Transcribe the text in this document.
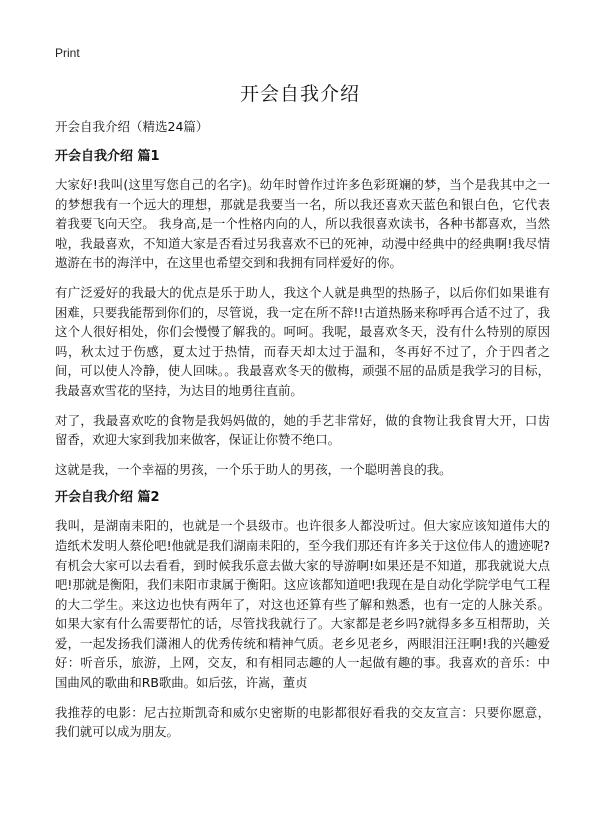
Print
开会自我介绍
开会自我介绍（精选24篇）
开会自我介绍 篇1

大家好!我叫(这里写您自己的名字)。幼年时曾作过许多色彩斑斓的梦，当个是我其中之一的梦想我有一个远大的理想，那就是我要当一名，所以我还喜欢天蓝色和银白色，它代表着我要飞向天空。 我身高,是一个性格内向的人，所以我很喜欢读书，各种书都喜欢，当然啦，我最喜欢，不知道大家是否看过另我喜欢不已的死神，动漫中经典中的经典啊!我尽情遨游在书的海洋中，在这里也希望交到和我拥有同样爱好的你。

有广泛爱好的我最大的优点是乐于助人，我这个人就是典型的热肠子，以后你们如果谁有困难，只要我能帮到你们的，尽管说，我一定在所不辞!!古道热肠来称呼再合适不过了，我这个人很好相处，你们会慢慢了解我的。呵呵。我呢，最喜欢冬天，没有什么特别的原因吗，秋太过于伤感，夏太过于热情，而春天却太过于温和，冬再好不过了，介于四者之间，可以使人冷静，使人回味。。我最喜欢冬天的傲梅，顽强不屈的品质是我学习的目标，我最喜欢雪花的坚持，为达目的地勇往直前。

对了，我最喜欢吃的食物是我妈妈做的，她的手艺非常好，做的食物让我食胃大开，口齿留香，欢迎大家到我加来做客，保证让你赞不绝口。

这就是我，一个幸福的男孩，一个乐于助人的男孩，一个聪明善良的我。

开会自我介绍 篇2

我叫，是湖南耒阳的，也就是一个县级市。也许很多人都没听过。但大家应该知道伟大的造纸术发明人蔡伦吧!他就是我们湖南耒阳的，至今我们那还有许多关于这位伟人的遗迹呢?有机会大家可以去看看，到时候我乐意去做大家的导游啊!如果还是不知道，那我就说大点吧!那就是衡阳，我们耒阳市隶属于衡阳。这应该都知道吧!我现在是自动化学院学电气工程的大二学生。来这边也快有两年了，对这也还算有些了解和熟悉，也有一定的人脉关系。如果大家有什么需要帮忙的话，尽管找我就行了。大家都是老乡吗?就得多多互相帮助，关爱，一起发扬我们潇湘人的优秀传统和精神气质。老乡见老乡，两眼泪汪汪啊!我的兴趣爱好：听音乐，旅游，上网，交友，和有相同志趣的人一起做有趣的事。我喜欢的音乐：中国曲风的歌曲和RB歌曲。如后弦，许嵩，董贞

我推荐的电影：尼古拉斯凯奇和威尔史密斯的电影都很好看我的交友宣言：只要你愿意，我们就可以成为朋友。
